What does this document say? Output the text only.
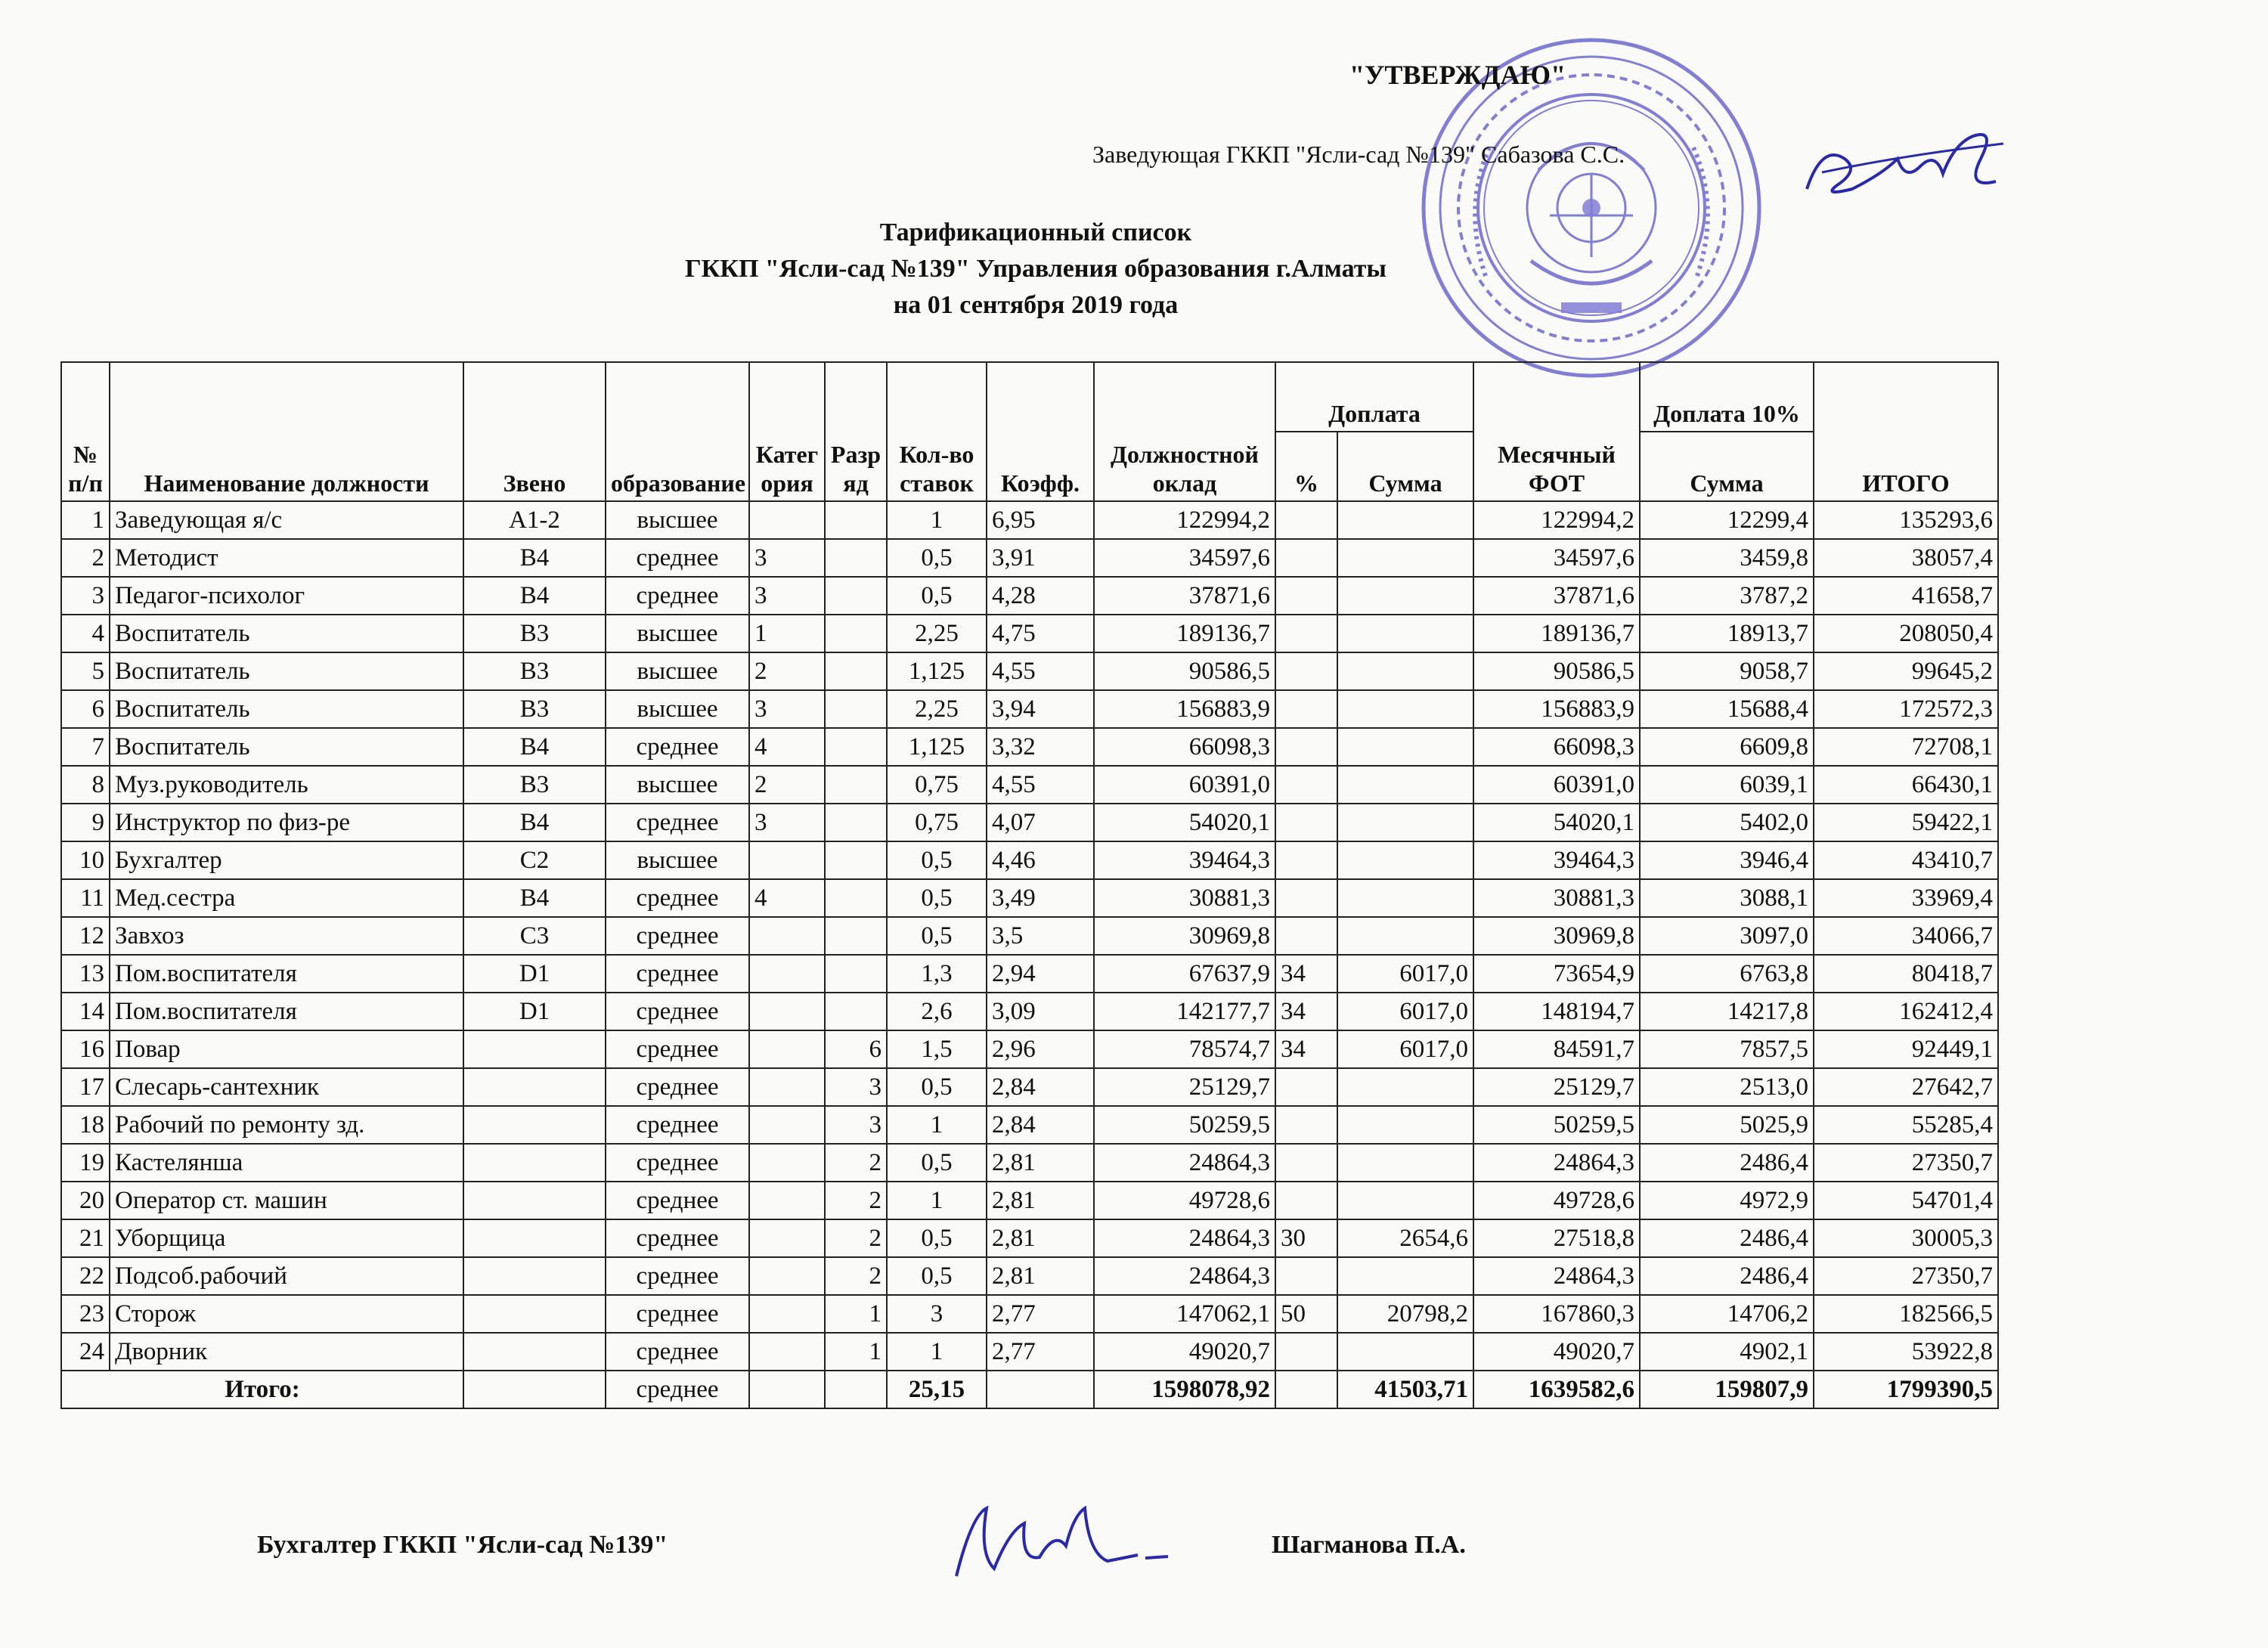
"УТВЕРЖДАЮ"
Заведующая ГККП "Ясли-сад №139" Сабазова С.С.
Тарификационный список
ГККП "Ясли-сад №139" Управления образования г.Алматы
на 01 сентября 2019 года
№ п/п	Наименование должности	Звено	образование	Категория	Разряд	Кол-во ставок	Коэфф.	Должностной оклад	Доплата		Месячный ФОТ	Доплата 10%	ИТОГО
									%	Сумма		Сумма	
1	Заведующая я/с	А1-2	высшее			1	6,95	122994,2			122994,2	12299,4	135293,6
2	Методист	В4	среднее	3		0,5	3,91	34597,6			34597,6	3459,8	38057,4
3	Педагог-психолог	В4	среднее	3		0,5	4,28	37871,6			37871,6	3787,2	41658,7
4	Воспитатель	В3	высшее	1		2,25	4,75	189136,7			189136,7	18913,7	208050,4
5	Воспитатель	В3	высшее	2		1,125	4,55	90586,5			90586,5	9058,7	99645,2
6	Воспитатель	В3	высшее	3		2,25	3,94	156883,9			156883,9	15688,4	172572,3
7	Воспитатель	В4	среднее	4		1,125	3,32	66098,3			66098,3	6609,8	72708,1
8	Муз.руководитель	В3	высшее	2		0,75	4,55	60391,0			60391,0	6039,1	66430,1
9	Инструктор по физ-ре	В4	среднее	3		0,75	4,07	54020,1			54020,1	5402,0	59422,1
10	Бухгалтер	С2	высшее			0,5	4,46	39464,3			39464,3	3946,4	43410,7
11	Мед.сестра	В4	среднее	4		0,5	3,49	30881,3			30881,3	3088,1	33969,4
12	Завхоз	С3	среднее			0,5	3,5	30969,8			30969,8	3097,0	34066,7
13	Пом.воспитателя	D1	среднее			1,3	2,94	67637,9	34	6017,0	73654,9	6763,8	80418,7
14	Пом.воспитателя	D1	среднее			2,6	3,09	142177,7	34	6017,0	148194,7	14217,8	162412,4
16	Повар		среднее		6	1,5	2,96	78574,7	34	6017,0	84591,7	7857,5	92449,1
17	Слесарь-сантехник		среднее		3	0,5	2,84	25129,7			25129,7	2513,0	27642,7
18	Рабочий по ремонту зд.		среднее		3	1	2,84	50259,5			50259,5	5025,9	55285,4
19	Кастелянша		среднее		2	0,5	2,81	24864,3			24864,3	2486,4	27350,7
20	Оператор ст. машин		среднее		2	1	2,81	49728,6			49728,6	4972,9	54701,4
21	Уборщица		среднее		2	0,5	2,81	24864,3	30	2654,6	27518,8	2486,4	30005,3
22	Подсоб.рабочий		среднее		2	0,5	2,81	24864,3			24864,3	2486,4	27350,7
23	Сторож		среднее		1	3	2,77	147062,1	50	20798,2	167860,3	14706,2	182566,5
24	Дворник		среднее		1	1	2,77	49020,7			49020,7	4902,1	53922,8
Итого:			среднее			25,15		1598078,92		41503,71	1639582,6	159807,9	1799390,5
Бухгалтер ГККП "Ясли-сад №139"	Шагманова П.А.
